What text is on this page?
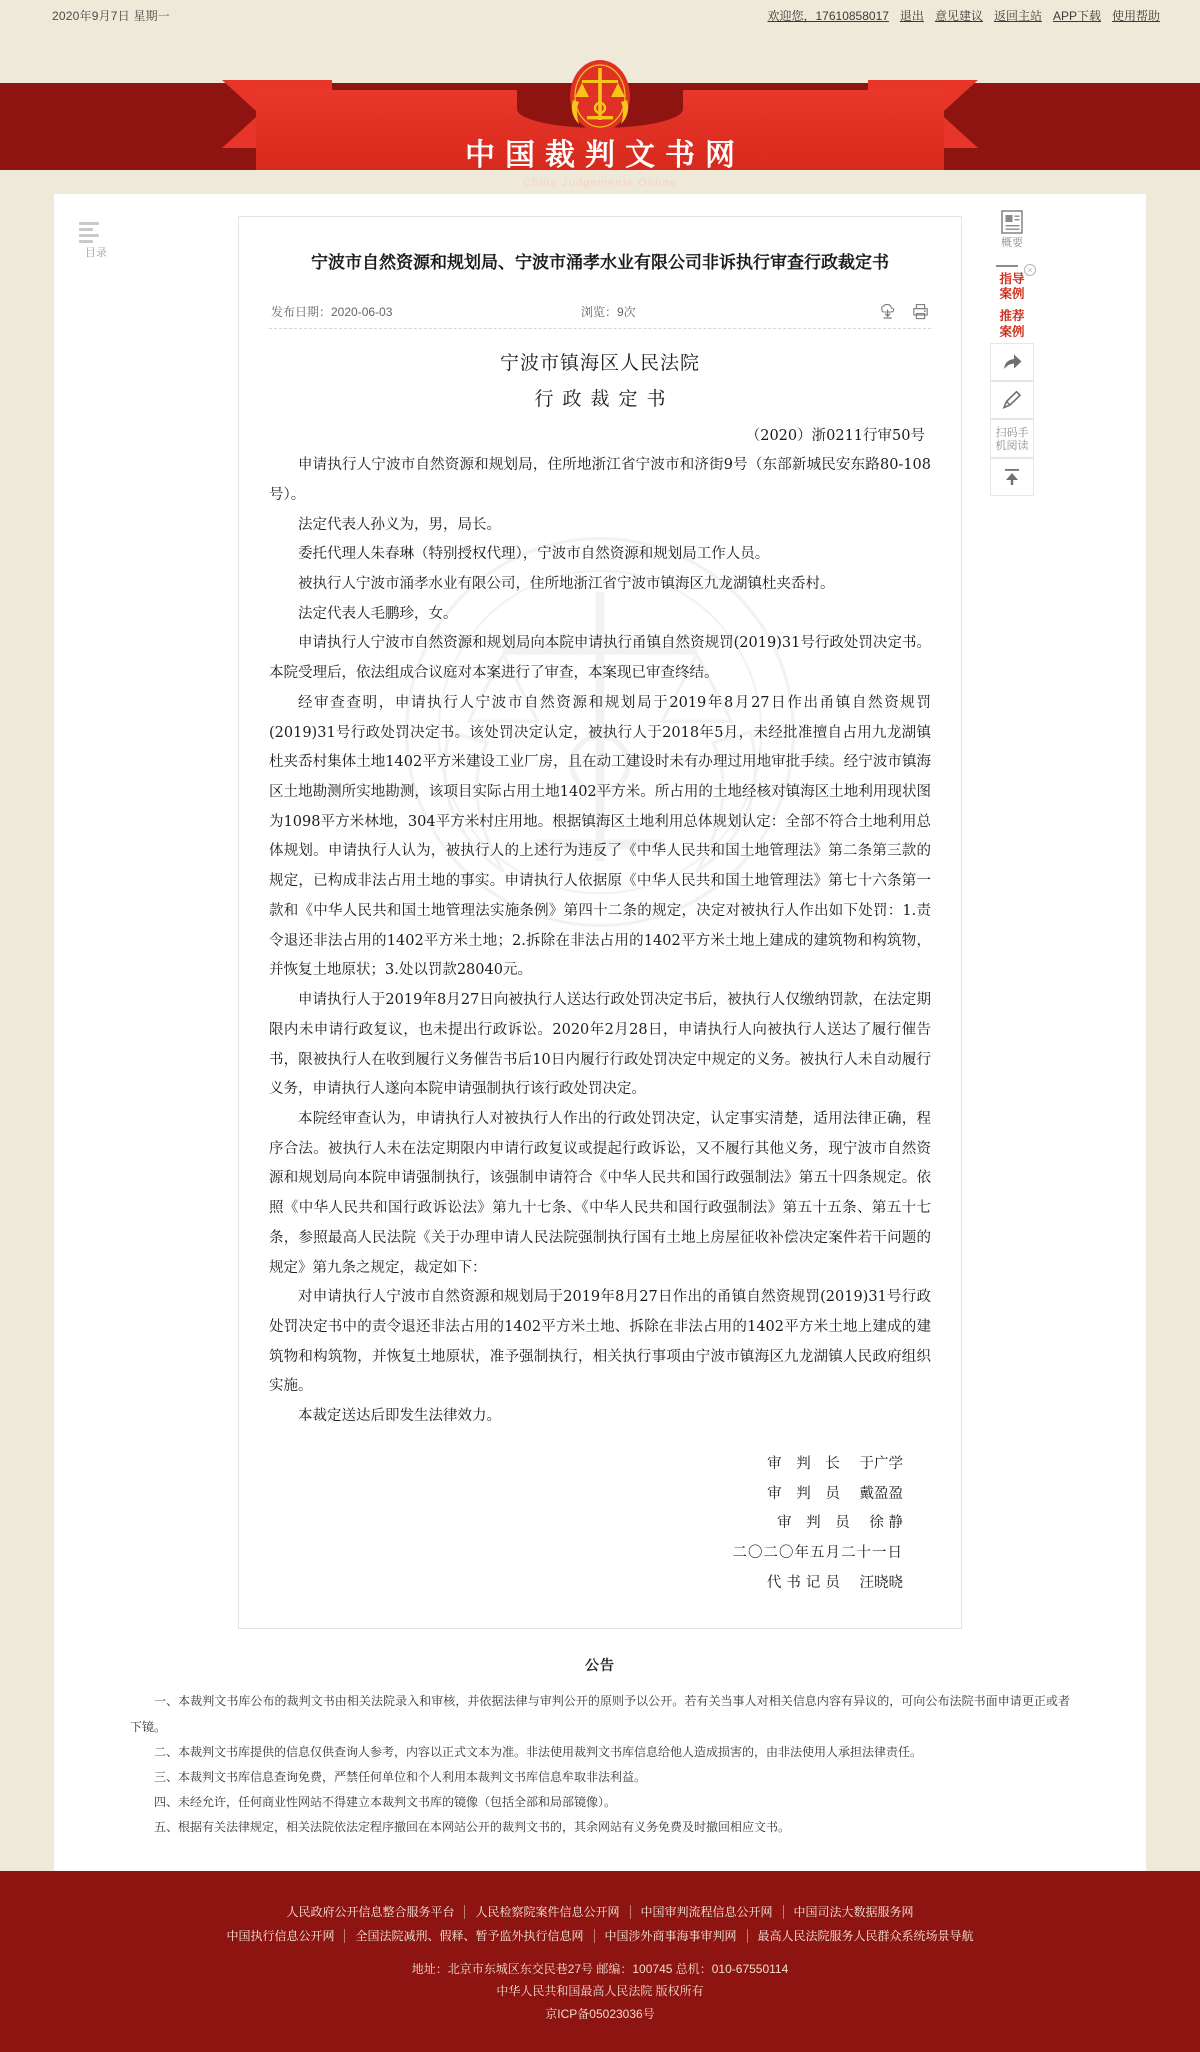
2020年9月7日 星期一	欢迎您，17610858017 退出 意见建议 返回主站 APP下载 使用帮助
中国裁判文书网
China Judgements Online
目录
概要
×
指导
案例
推荐
案例
扫码手
机阅读
宁波市自然资源和规划局、宁波市涌孝水业有限公司非诉执行审查行政裁定书
发布日期：2020-06-03	浏览：9次
宁波市镇海区人民法院
行政裁定书
（2020）浙0211行审50号
申请执行人宁波市自然资源和规划局，住所地浙江省宁波市和济街9号（东部新城民安东路80-108号）。
法定代表人孙义为，男，局长。
委托代理人朱春琳（特别授权代理），宁波市自然资源和规划局工作人员。
被执行人宁波市涌孝水业有限公司，住所地浙江省宁波市镇海区九龙湖镇杜夹岙村。
法定代表人毛鹏珍，女。
申请执行人宁波市自然资源和规划局向本院申请执行甬镇自然资规罚(2019)31号行政处罚决定书。本院受理后，依法组成合议庭对本案进行了审查，本案现已审查终结。
经审查查明，申请执行人宁波市自然资源和规划局于2019年8月27日作出甬镇自然资规罚(2019)31号行政处罚决定书。该处罚决定认定，被执行人于2018年5月，未经批准擅自占用九龙湖镇杜夹岙村集体土地1402平方米建设工业厂房，且在动工建设时未有办理过用地审批手续。经宁波市镇海区土地勘测所实地勘测，该项目实际占用土地1402平方米。所占用的土地经核对镇海区土地利用现状图为1098平方米林地，304平方米村庄用地。根据镇海区土地利用总体规划认定：全部不符合土地利用总体规划。申请执行人认为，被执行人的上述行为违反了《中华人民共和国土地管理法》第二条第三款的规定，已构成非法占用土地的事实。申请执行人依据原《中华人民共和国土地管理法》第七十六条第一款和《中华人民共和国土地管理法实施条例》第四十二条的规定，决定对被执行人作出如下处罚：1.责令退还非法占用的1402平方米土地；2.拆除在非法占用的1402平方米土地上建成的建筑物和构筑物，并恢复土地原状；3.处以罚款28040元。
申请执行人于2019年8月27日向被执行人送达行政处罚决定书后，被执行人仅缴纳罚款，在法定期限内未申请行政复议，也未提出行政诉讼。2020年2月28日，申请执行人向被执行人送达了履行催告书，限被执行人在收到履行义务催告书后10日内履行行政处罚决定中规定的义务。被执行人未自动履行义务，申请执行人遂向本院申请强制执行该行政处罚决定。
本院经审查认为，申请执行人对被执行人作出的行政处罚决定，认定事实清楚，适用法律正确，程序合法。被执行人未在法定期限内申请行政复议或提起行政诉讼，又不履行其他义务，现宁波市自然资源和规划局向本院申请强制执行，该强制申请符合《中华人民共和国行政强制法》第五十四条规定。依照《中华人民共和国行政诉讼法》第九十七条、《中华人民共和国行政强制法》第五十五条、第五十七条，参照最高人民法院《关于办理申请人民法院强制执行国有土地上房屋征收补偿决定案件若干问题的规定》第九条之规定，裁定如下：
对申请执行人宁波市自然资源和规划局于2019年8月27日作出的甬镇自然资规罚(2019)31号行政处罚决定书中的责令退还非法占用的1402平方米土地、拆除在非法占用的1402平方米土地上建成的建筑物和构筑物，并恢复土地原状，准予强制执行，相关执行事项由宁波市镇海区九龙湖镇人民政府组织实施。
本裁定送达后即发生法律效力。
审 判 长 于广学
审 判 员 戴盈盈
审 判 员 徐 静
二〇二〇年五月二十一日
代书记员 汪晓晓
公告

一、本裁判文书库公布的裁判文书由相关法院录入和审核，并依据法律与审判公开的原则予以公开。若有关当事人对相关信息内容有异议的，可向公布法院书面申请更正或者下镜。

二、本裁判文书库提供的信息仅供查询人参考，内容以正式文本为准。非法使用裁判文书库信息给他人造成损害的，由非法使用人承担法律责任。

三、本裁判文书库信息查询免费，严禁任何单位和个人利用本裁判文书库信息牟取非法利益。

四、未经允许，任何商业性网站不得建立本裁判文书库的镜像（包括全部和局部镜像）。

五、根据有关法律规定，相关法院依法定程序撤回在本网站公开的裁判文书的，其余网站有义务免费及时撤回相应文书。

人民政府公开信息整合服务平台 人民检察院案件信息公开网 中国审判流程信息公开网 中国司法大数据服务网
中国执行信息公开网 全国法院减刑、假释、暂予监外执行信息网 中国涉外商事海事审判网 最高人民法院服务人民群众系统场景导航
地址：北京市东城区东交民巷27号 邮编：100745 总机：010-67550114
中华人民共和国最高人民法院 版权所有
京ICP备05023036号
